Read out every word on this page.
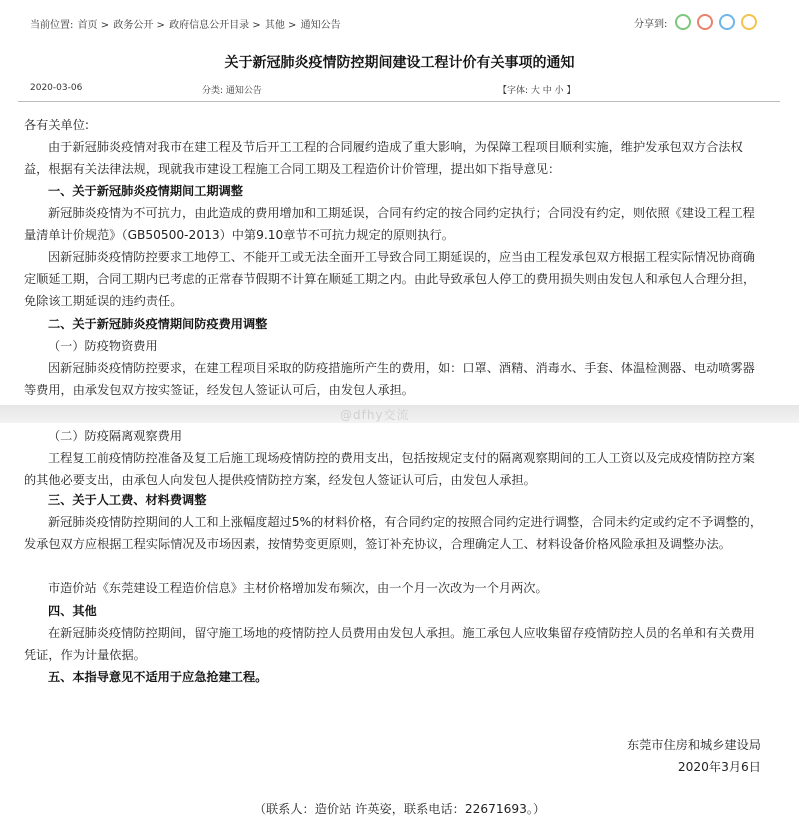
@dfhy交流
当前位置: 首页 > 政务公开 > 政府信息公开目录 > 其他 > 通知公告	分享到:
关于新冠肺炎疫情防控期间建设工程计价有关事项的通知
2020-03-06	分类: 通知公告	【字体: 大 中 小 】
各有关单位:
由于新冠肺炎疫情对我市在建工程及节后开工工程的合同履约造成了重大影响，为保障工程项目顺利实施，维护发承包双方合法权益，根据有关法律法规，现就我市建设工程施工合同工期及工程造价计价管理，提出如下指导意见：
一、关于新冠肺炎疫情期间工期调整
新冠肺炎疫情为不可抗力，由此造成的费用增加和工期延误，合同有约定的按合同约定执行；合同没有约定，则依照《建设工程工程量清单计价规范》（GB50500-2013）中第9.10章节不可抗力规定的原则执行。
因新冠肺炎疫情防控要求工地停工、不能开工或无法全面开工导致合同工期延误的，应当由工程发承包双方根据工程实际情况协商确定顺延工期，合同工期内已考虑的正常春节假期不计算在顺延工期之内。由此导致承包人停工的费用损失则由发包人和承包人合理分担，免除该工期延误的违约责任。
二、关于新冠肺炎疫情期间防疫费用调整
（一）防疫物资费用
因新冠肺炎疫情防控要求，在建工程项目采取的防疫措施所产生的费用，如：口罩、酒精、消毒水、手套、体温检测器、电动喷雾器等费用，由承发包双方按实签证，经发包人签证认可后，由发包人承担。
（二）防疫隔离观察费用
工程复工前疫情防控准备及复工后施工现场疫情防控的费用支出，包括按规定支付的隔离观察期间的工人工资以及完成疫情防控方案的其他必要支出，由承包人向发包人提供疫情防控方案，经发包人签证认可后，由发包人承担。
三、关于人工费、材料费调整
新冠肺炎疫情防控期间的人工和上涨幅度超过5%的材料价格，有合同约定的按照合同约定进行调整，合同未约定或约定不予调整的，发承包双方应根据工程实际情况及市场因素，按情势变更原则，签订补充协议，合理确定人工、材料设备价格风险承担及调整办法。
市造价站《东莞建设工程造价信息》主材价格增加发布频次，由一个月一次改为一个月两次。
四、其他
在新冠肺炎疫情防控期间，留守施工场地的疫情防控人员费用由发包人承担。施工承包人应收集留存疫情防控人员的名单和有关费用凭证，作为计量依据。
五、本指导意见不适用于应急抢建工程。
东莞市住房和城乡建设局
2020年3月6日
（联系人：造价站 许英姿，联系电话：22671693。）
